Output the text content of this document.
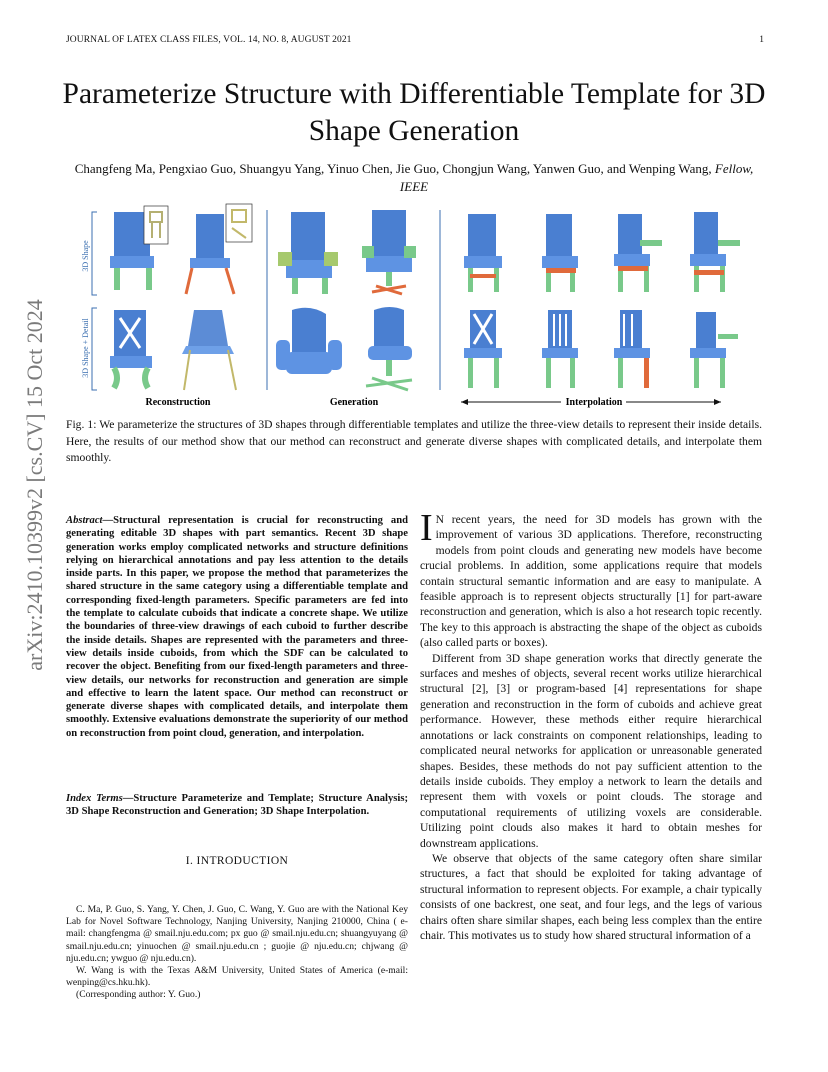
JOURNAL OF LATEX CLASS FILES, VOL. 14, NO. 8, AUGUST 2021	1
Parameterize Structure with Differentiable Template for 3D Shape Generation
Changfeng Ma, Pengxiao Guo, Shuangyu Yang, Yinuo Chen, Jie Guo, Chongjun Wang, Yanwen Guo, and Wenping Wang, Fellow, IEEE
arXiv:2410.10399v2 [cs.CV] 15 Oct 2024
3D Shape
3D Shape + Detail
Reconstruction	Generation	Interpolation
Fig. 1: We parameterize the structures of 3D shapes through differentiable templates and utilize the three-view details to represent their inside details. Here, the results of our method show that our method can reconstruct and generate diverse shapes with complicated details, and interpolate them smoothly.
Abstract—Structural representation is crucial for reconstructing and generating editable 3D shapes with part semantics. Recent 3D shape generation works employ complicated networks and structure definitions relying on hierarchical annotations and pay less attention to the details inside parts. In this paper, we propose the method that parameterizes the shared structure in the same category using a differentiable template and corresponding fixed-length parameters. Specific parameters are fed into the template to calculate cuboids that indicate a concrete shape. We utilize the boundaries of three-view drawings of each cuboid to further describe the inside details. Shapes are represented with the parameters and three-view details inside cuboids, from which the SDF can be calculated to recover the object. Benefiting from our fixed-length parameters and three-view details, our networks for reconstruction and generation are simple and effective to learn the latent space. Our method can reconstruct or generate diverse shapes with complicated details, and interpolate them smoothly. Extensive evaluations demonstrate the superiority of our method on reconstruction from point cloud, generation, and interpolation.
Index Terms—Structure Parameterize and Template; Structure Analysis; 3D Shape Reconstruction and Generation; 3D Shape Interpolation.
I. INTRODUCTION

C. Ma, P. Guo, S. Yang, Y. Chen, J. Guo, C. Wang, Y. Guo are with the National Key Lab for Novel Software Technology, Nanjing University, Nanjing 210000, China ( e-mail: changfengma @ smail.nju.edu.com; px guo @ smail.nju.edu.cn; shuangyuyang @ smail.nju.edu.cn; yinuochen @ smail.nju.edu.cn ; guojie @ nju.edu.cn; chjwang @ nju.edu.cn; ywguo @ nju.edu.cn).

W. Wang is with the Texas A&M University, United States of America (e-mail: wenping@cs.hku.hk).

(Corresponding author: Y. Guo.)

I N recent years, the need for 3D models has grown with the improvement of various 3D applications. Therefore, reconstructing models from point clouds and generating new models have become crucial problems. In addition, some applications require that models contain structural semantic information and are easy to manipulate. A feasible approach is to represent objects structurally [1] for part-aware reconstruction and generation, which is also a hot research topic recently. The key to this approach is abstracting the shape of the object as cuboids (also called parts or boxes).

Different from 3D shape generation works that directly generate the surfaces and meshes of objects, several recent works utilize hierarchical structural [2], [3] or program-based [4] representations for shape generation and reconstruction in the form of cuboids and achieve great performance. However, these methods either require hierarchical annotations or lack constraints on component relationships, leading to complicated neural networks for application or unreasonable generated shapes. Besides, these methods do not pay sufficient attention to the details inside cuboids. They employ a network to learn the details and represent them with voxels or point clouds. The storage and computational requirements of utilizing voxels are considerable. Utilizing point clouds also makes it hard to obtain meshes for downstream applications.

We observe that objects of the same category often share similar structures, a fact that should be exploited for taking advantage of structural information to represent objects. For example, a chair typically consists of one backrest, one seat, and four legs, and the legs of various chairs often share similar shapes, each being less complex than the entire chair. This motivates us to study how shared structural information of a
